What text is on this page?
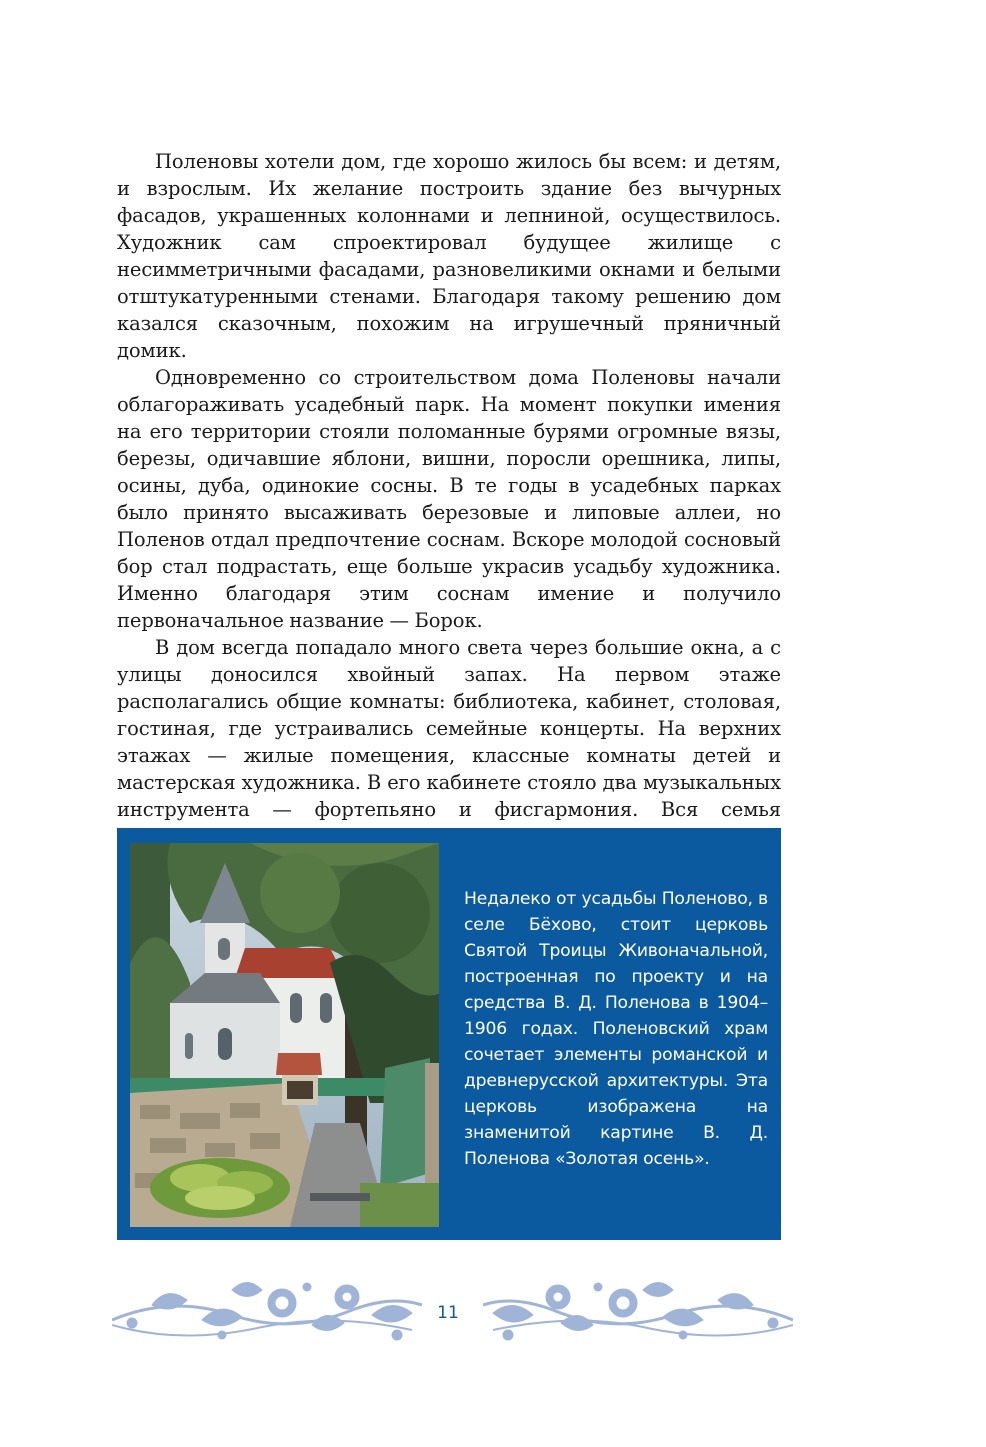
Поленовы хотели дом, где хорошо жилось бы всем: и детям, и взрослым. Их желание построить здание без вычурных фасадов, украшенных колоннами и лепниной, осуществилось. Художник сам спроектировал будущее жилище с несимметричными фасадами, разновеликими окнами и белыми отштукатуренными стенами. Благодаря такому решению дом казался сказочным, похожим на игрушечный пряничный домик.

Одновременно со строительством дома Поленовы начали облагораживать усадебный парк. На момент покупки имения на его территории стояли поломанные бурями огромные вязы, березы, одичавшие яблони, вишни, поросли орешника, липы, осины, дуба, одинокие сосны. В те годы в усадебных парках было принято высаживать березовые и липовые аллеи, но Поленов отдал предпочтение соснам. Вскоре молодой сосновый бор стал подрастать, еще больше украсив усадьбу художника. Именно благодаря этим соснам имение и получило первоначальное название — Борок.

В дом всегда попадало много света через большие окна, а с улицы доносился хвойный запах. На первом этаже располагались общие комнаты: библиотека, кабинет, столовая, гостиная, где устраивались семейные концерты. На верхних этажах — жилые помещения, классные комнаты детей и мастерская художника. В его кабинете стояло два музыкальных инструмента — фортепьяно и фисгармония. Вся семья

Недалеко от усадьбы Поленово, в селе Бёхово, стоит церковь Святой Троицы Живоначальной, построенная по проекту и на средства В. Д. Поленова в 1904–1906 годах. Поленовский храм сочетает элементы романской и древнерусской архитектуры. Эта церковь изображена на знаменитой картине В. Д. Поленова «Золотая осень».

11
